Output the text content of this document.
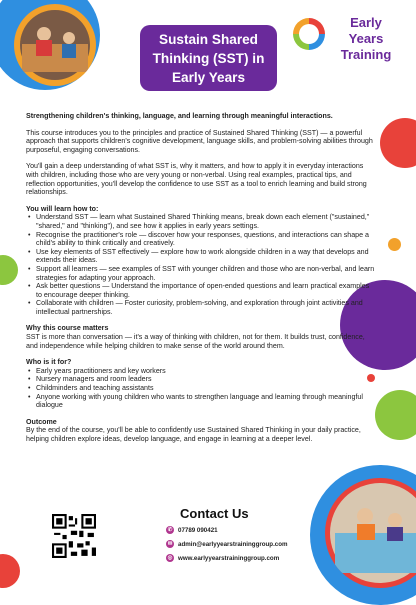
Sustain Shared
Thinking (SST) in
Early Years
Early Years
Training

Strengthening children's thinking, language, and learning through meaningful interactions.

This course introduces you to the principles and practice of Sustained Shared Thinking (SST) — a powerful approach that supports children's cognitive development, language skills, and problem-solving abilities through purposeful, engaging conversations.

You'll gain a deep understanding of what SST is, why it matters, and how to apply it in everyday interactions with children, including those who are very young or non-verbal. Using real examples, practical tips, and reflection opportunities, you'll develop the confidence to use SST as a tool to enrich learning and build strong relationships.

You will learn how to:

• Understand SST — learn what Sustained Shared Thinking means, break down each element ("sustained," "shared," and "thinking"), and see how it applies in early years settings.
• Recognise the practitioner's role — discover how your responses, questions, and interactions can shape a child's ability to think critically and creatively.
• Use key elements of SST effectively — explore how to work alongside children in a way that develops and extends their ideas.
• Support all learners — see examples of SST with younger children and those who are non-verbal, and learn strategies for adapting your approach.
• Ask better questions — Understand the importance of open-ended questions and learn practical examples to encourage deeper thinking.
• Collaborate with children — Foster curiosity, problem-solving, and exploration through joint activities and intellectual partnerships.

Why this course matters

SST is more than conversation — it's a way of thinking with children, not for them. It builds trust, confidence, and independence while helping children to make sense of the world around them.

Who is it for?

• Early years practitioners and key workers
• Nursery managers and room leaders
• Childminders and teaching assistants
• Anyone working with young children who wants to strengthen language and learning through meaningful dialogue

Outcome

By the end of the course, you'll be able to confidently use Sustained Shared Thinking in your daily practice, helping children explore ideas, develop language, and engage in learning at a deeper level.

Contact Us
✆ 07789 090421
✉ admin@earlyyearstraininggroup.com
◎ www.earlyyearstraininggroup.com
